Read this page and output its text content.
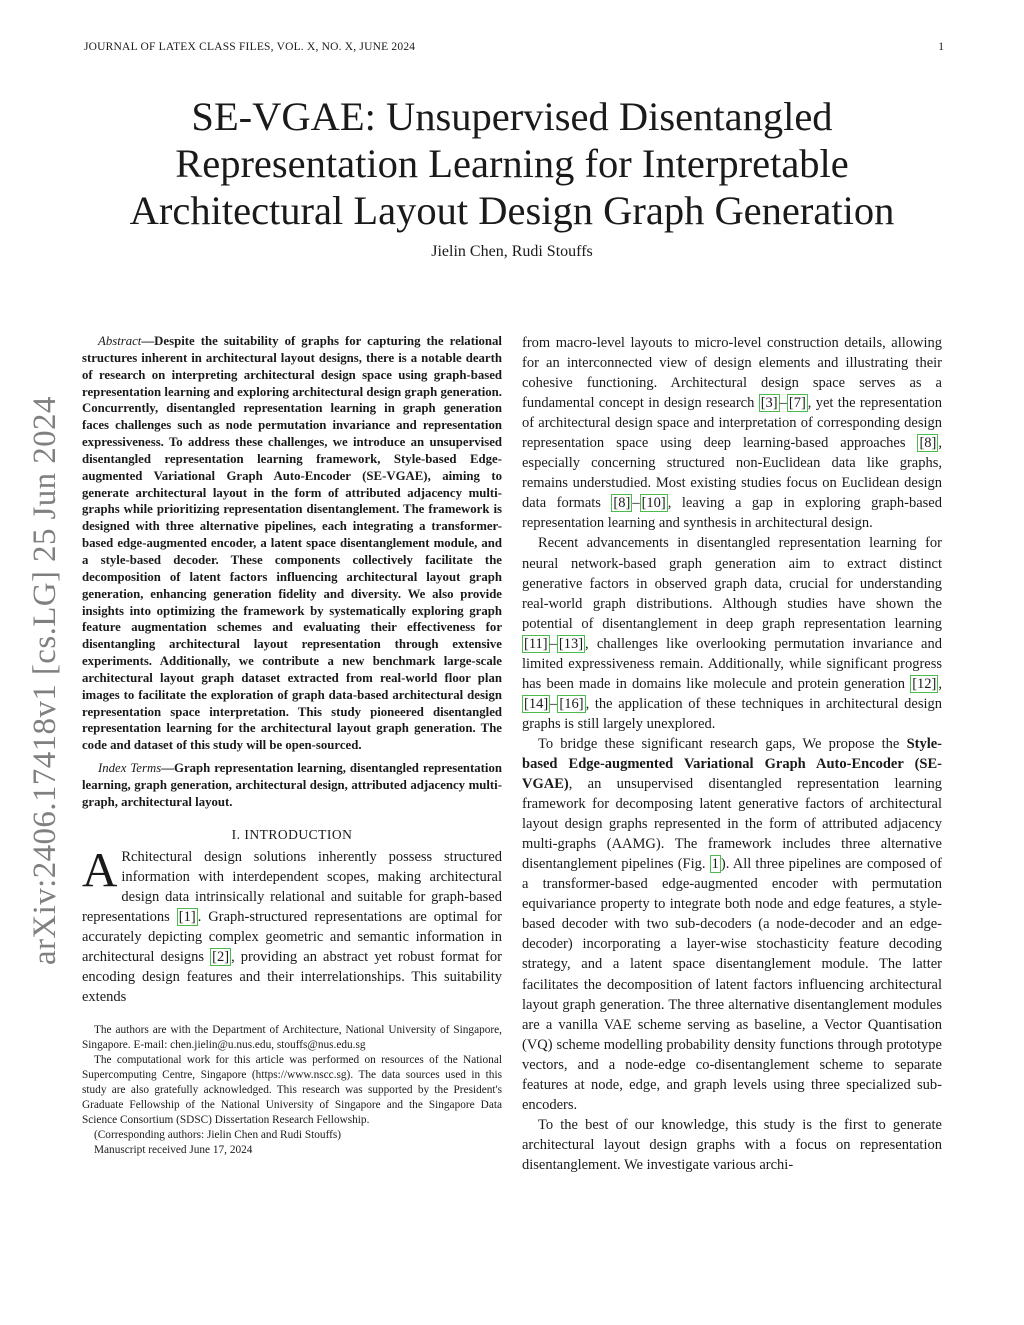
JOURNAL OF LATEX CLASS FILES, VOL. X, NO. X, JUNE 2024	1
SE-VGAE: Unsupervised Disentangled
Representation Learning for Interpretable
Architectural Layout Design Graph Generation
Jielin Chen, Rudi Stouffs
arXiv:2406.17418v1 [cs.LG] 25 Jun 2024

Abstract—Despite the suitability of graphs for capturing the relational structures inherent in architectural layout designs, there is a notable dearth of research on interpreting architectural design space using graph-based representation learning and exploring architectural design graph generation. Concurrently, disentangled representation learning in graph generation faces challenges such as node permutation invariance and representation expressiveness. To address these challenges, we introduce an unsupervised disentangled representation learning framework, Style-based Edge-augmented Variational Graph Auto-Encoder (SE-VGAE), aiming to generate architectural layout in the form of attributed adjacency multi-graphs while prioritizing representation disentanglement. The framework is designed with three alternative pipelines, each integrating a transformer-based edge-augmented encoder, a latent space disentanglement module, and a style-based decoder. These components collectively facilitate the decomposition of latent factors influencing architectural layout graph generation, enhancing generation fidelity and diversity. We also provide insights into optimizing the framework by systematically exploring graph feature augmentation schemes and evaluating their effectiveness for disentangling architectural layout representation through extensive experiments. Additionally, we contribute a new benchmark large-scale architectural layout graph dataset extracted from real-world floor plan images to facilitate the exploration of graph data-based architectural design representation space interpretation. This study pioneered disentangled representation learning for the architectural layout graph generation. The code and dataset of this study will be open-sourced.

Index Terms—Graph representation learning, disentangled representation learning, graph generation, architectural design, attributed adjacency multi-graph, architectural layout.

I. INTRODUCTION

A Rchitectural design solutions inherently possess structured information with interdependent scopes, making architectural design data intrinsically relational and suitable for graph-based representations [1] . Graph-structured representations are optimal for accurately depicting complex geometric and semantic information in architectural designs [2] , providing an abstract yet robust format for encoding design features and their interrelationships. This suitability extends

The authors are with the Department of Architecture, National University of Singapore, Singapore. E-mail: chen.jielin@u.nus.edu, stouffs@nus.edu.sg

The computational work for this article was performed on resources of the National Supercomputing Centre, Singapore (https://www.nscc.sg). The data sources used in this study are also gratefully acknowledged. This research was supported by the President's Graduate Fellowship of the National University of Singapore and the Singapore Data Science Consortium (SDSC) Dissertation Research Fellowship.

(Corresponding authors: Jielin Chen and Rudi Stouffs)

Manuscript received June 17, 2024

from macro-level layouts to micro-level construction details, allowing for an interconnected view of design elements and illustrating their cohesive functioning. Architectural design space serves as a fundamental concept in design research [3] – [7] , yet the representation of architectural design space and interpretation of corresponding design representation space using deep learning-based approaches [8] , especially concerning structured non-Euclidean data like graphs, remains understudied. Most existing studies focus on Euclidean design data formats [8] – [10] , leaving a gap in exploring graph-based representation learning and synthesis in architectural design.

Recent advancements in disentangled representation learning for neural network-based graph generation aim to extract distinct generative factors in observed graph data, crucial for understanding real-world graph distributions. Although studies have shown the potential of disentanglement in deep graph representation learning [11] – [13] , challenges like overlooking permutation invariance and limited expressiveness remain. Additionally, while significant progress has been made in domains like molecule and protein generation [12] , [14] – [16] , the application of these techniques in architectural design graphs is still largely unexplored.

To bridge these significant research gaps, We propose the Style-based Edge-augmented Variational Graph Auto-Encoder (SE-VGAE), an unsupervised disentangled representation learning framework for decomposing latent generative factors of architectural layout design graphs represented in the form of attributed adjacency multi-graphs (AAMG). The framework includes three alternative disentanglement pipelines (Fig. 1 ). All three pipelines are composed of a transformer-based edge-augmented encoder with permutation equivariance property to integrate both node and edge features, a style-based decoder with two sub-decoders (a node-decoder and an edge-decoder) incorporating a layer-wise stochasticity feature decoding strategy, and a latent space disentanglement module. The latter facilitates the decomposition of latent factors influencing architectural layout graph generation. The three alternative disentanglement modules are a vanilla VAE scheme serving as baseline, a Vector Quantisation (VQ) scheme modelling probability density functions through prototype vectors, and a node-edge co-disentanglement scheme to separate features at node, edge, and graph levels using three specialized sub-encoders.

To the best of our knowledge, this study is the first to generate architectural layout design graphs with a focus on representation disentanglement. We investigate various archi-
